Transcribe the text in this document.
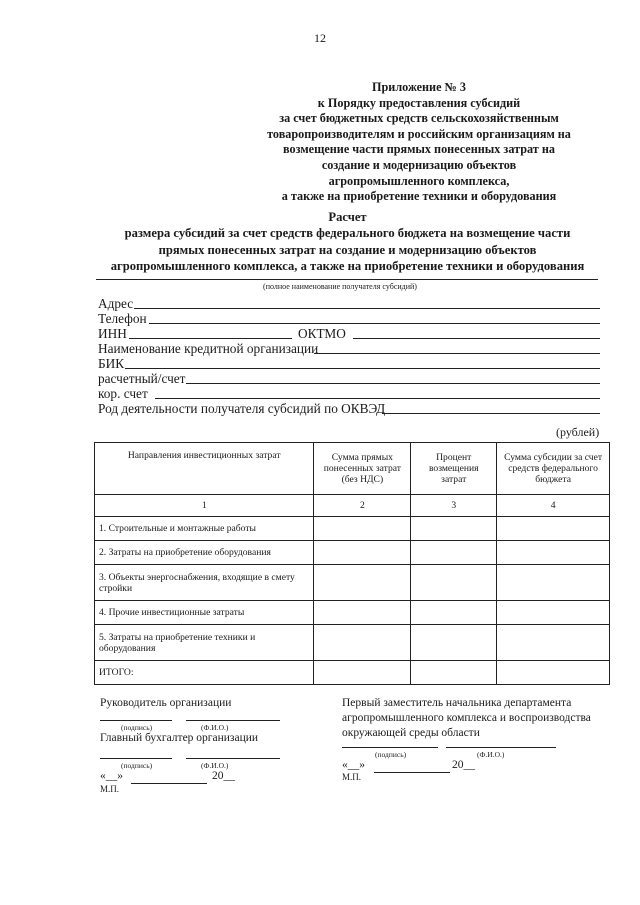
12
Приложение № 3
к Порядку предоставления субсидий
за счет бюджетных средств сельскохозяйственным
товаропроизводителям и российским организациям на
возмещение части прямых понесенных затрат на
создание и модернизацию объектов
агропромышленного комплекса,
а также на приобретение техники и оборудования
Расчет
размера субсидий за счет средств федерального бюджета на возмещение части
прямых понесенных затрат на создание и модернизацию объектов
агропромышленного комплекса, а также на приобретение техники и оборудования
(полное наименование получателя субсидий)
Адрес
Телефон
ИНН	ОКТМО
Наименование кредитной организации
БИК
расчетный/счет
кор. счет
Род деятельности получателя субсидий по ОКВЭД
(рублей)
Направления инвестиционных затрат	Сумма прямых понесенных затрат (без НДС)	Процент возмещения затрат	Сумма субсидии за счет средств федерального бюджета
1	2	3	4
1. Строительные и монтажные работы			
2. Затраты на приобретение оборудования			
3. Объекты энергоснабжения, входящие в смету стройки			
4. Прочие инвестиционные затраты			
5. Затраты на приобретение техники и оборудования			
ИТОГО:			
Руководитель организации
(подпись)	(Ф.И.О.)
Главный бухгалтер организации
(подпись)	(Ф.И.О.)
«__»	20__
М.П.
Первый заместитель начальника департамента
агропромышленного комплекса и воспроизводства
окружающей среды области
(подпись)	(Ф.И.О.)
«__»	20__
М.П.
